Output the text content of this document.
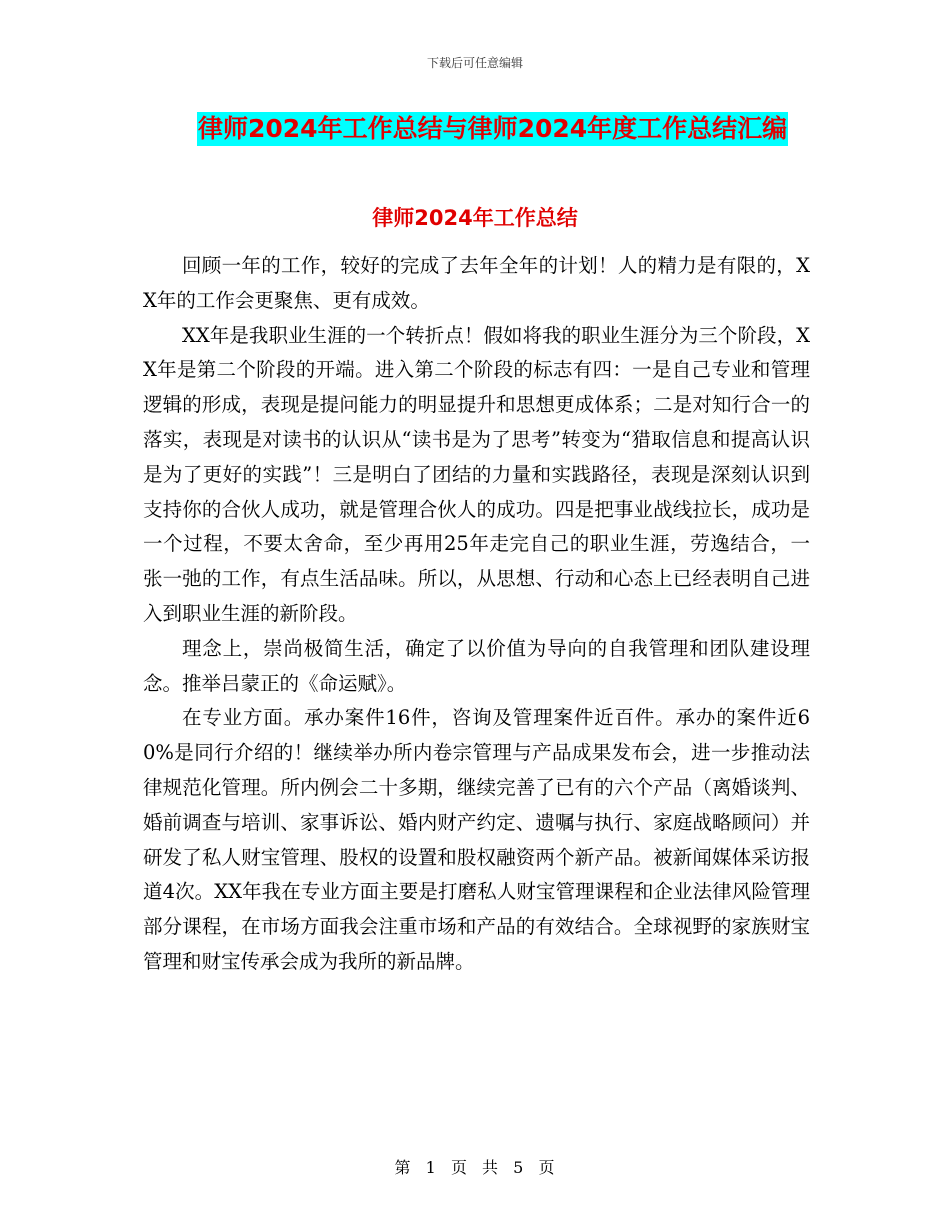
下载后可任意编辑
律师2024年工作总结与律师2024年度工作总结汇编
律师2024年工作总结

回顾一年的工作，较好的完成了去年全年的计划！人的精力是有限的，XX年的工作会更聚焦、更有成效。

XX年是我职业生涯的一个转折点！假如将我的职业生涯分为三个阶段，XX年是第二个阶段的开端。进入第二个阶段的标志有四：一是自己专业和管理逻辑的形成，表现是提问能力的明显提升和思想更成体系；二是对知行合一的落实，表现是对读书的认识从“读书是为了思考”转变为“猎取信息和提高认识是为了更好的实践”！三是明白了团结的力量和实践路径，表现是深刻认识到支持你的合伙人成功，就是管理合伙人的成功。四是把事业战线拉长，成功是一个过程，不要太舍命，至少再用25年走完自己的职业生涯，劳逸结合，一张一弛的工作，有点生活品味。所以，从思想、行动和心态上已经表明自己进入到职业生涯的新阶段。

理念上，崇尚极简生活，确定了以价值为导向的自我管理和团队建设理念。推举吕蒙正的《命运赋》。

在专业方面。承办案件16件，咨询及管理案件近百件。承办的案件近60%是同行介绍的！继续举办所内卷宗管理与产品成果发布会，进一步推动法律规范化管理。所内例会二十多期，继续完善了已有的六个产品（离婚谈判、婚前调查与培训、家事诉讼、婚内财产约定、遗嘱与执行、家庭战略顾问）并研发了私人财宝管理、股权的设置和股权融资两个新产品。被新闻媒体采访报道4次。XX年我在专业方面主要是打磨私人财宝管理课程和企业法律风险管理部分课程，在市场方面我会注重市场和产品的有效结合。全球视野的家族财宝管理和财宝传承会成为我所的新品牌。

第 1 页 共 5 页
